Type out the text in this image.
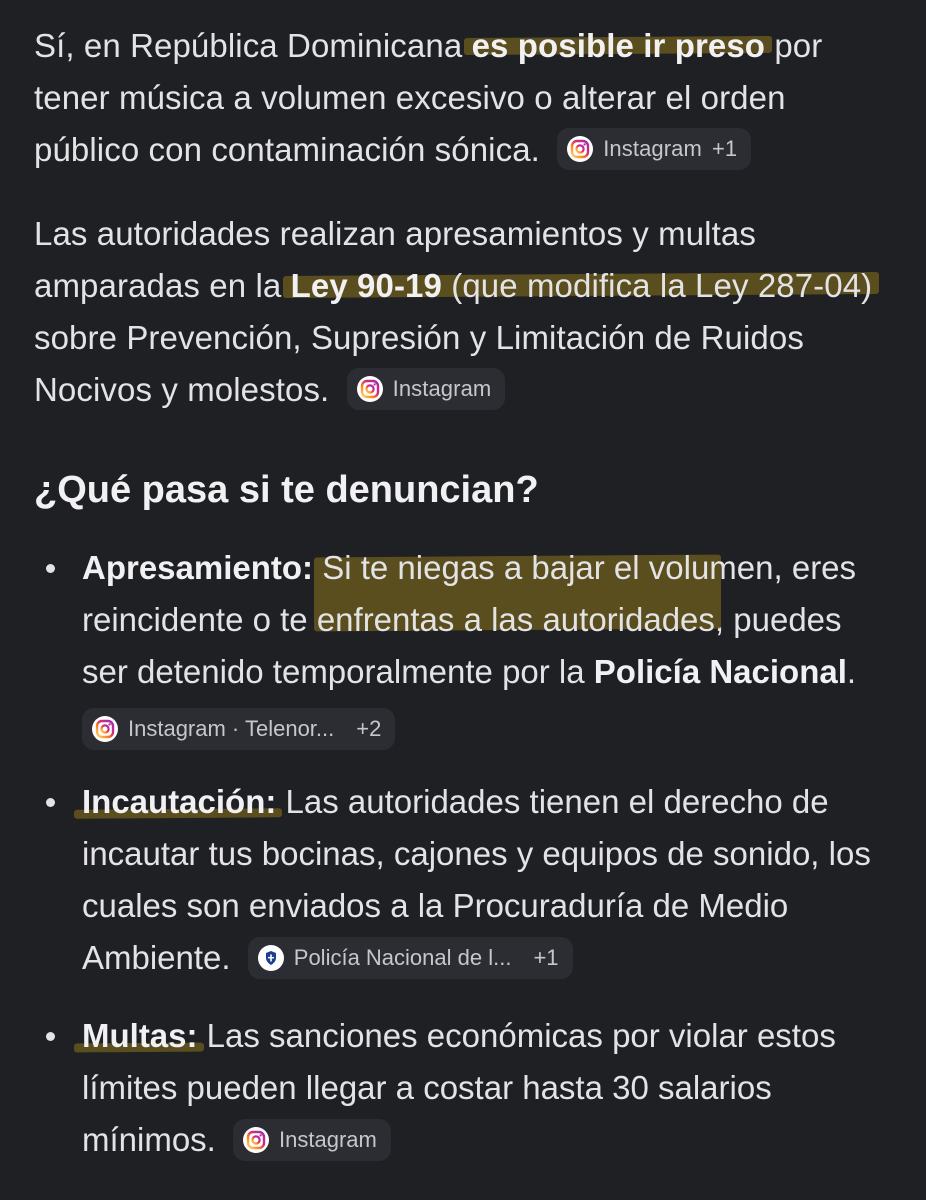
Sí, en República Dominicana es posible ir preso por tener música a volumen excesivo o alterar el orden público con contaminación sónica.	Instagram +1

Las autoridades realizan apresamientos y multas amparadas en la Ley 90-19 (que modifica la Ley 287-04) sobre Prevención, Supresión y Limitación de Ruidos Nocivos y molestos.	Instagram

¿Qué pasa si te denuncian?
Apresamiento: Si te niegas a bajar el volumen, eres reincidente o te enfrentas a las autoridades, puedes ser detenido temporalmente por la Policía Nacional.

Instagram · Telenor... +2
Incautación: Las autoridades tienen el derecho de incautar tus bocinas, cajones y equipos de sonido, los cuales son enviados a la Procuraduría de Medio Ambiente.	Policía Nacional de l... +1
Multas: Las sanciones económicas por violar estos límites pueden llegar a costar hasta 30 salarios mínimos.	Instagram
